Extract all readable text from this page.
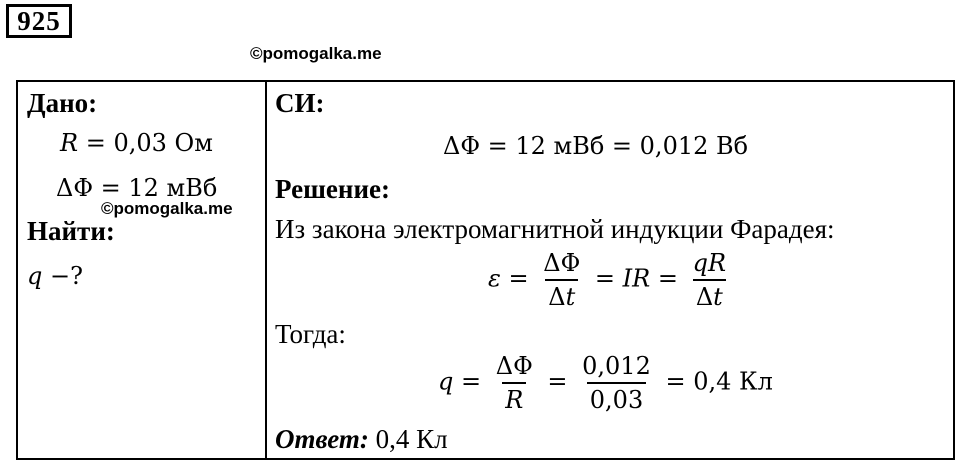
925
©pomogalka.me
Дано:
R = 0,03 Ом
ΔΦ = 12 мВб
Найти:
q −?
СИ:
ΔΦ = 12 мВб = 0,012 Вб
Решение:
Из закона электромагнитной индукции Фарадея:
$\varepsilon = \frac{\Delta\Phi}{\Delta t}$ = IR = $\frac{qR}{\Delta t}$
Тогда:
$q = \frac{\Delta\Phi}{R} = \frac{0,012}{0,03} = 0,4$ Кл
Ответ: 0,4 Кл
©pomogalka.me
